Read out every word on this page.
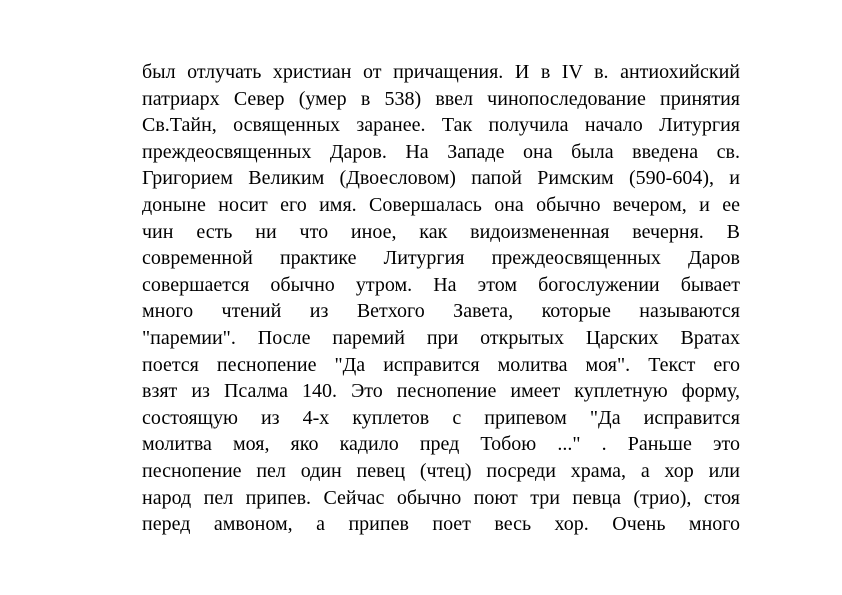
был отлучать христиан от причащения. И в IV в. антиохийский
патриарх Север (умер в 538) ввел чинопоследование принятия
Св.Тайн, освященных заранее. Так получила начало Литургия
преждеосвященных Даров. На Западе она была введена св.
Григорием Великим (Двоесловом) папой Римским (590-604), и
доныне носит его имя. Совершалась она обычно вечером, и ее
чин есть ни что иное, как видоизмененная вечерня. В
современной практике Литургия преждеосвященных Даров
совершается обычно утром. На этом богослужении бывает
много чтений из Ветхого Завета, которые называются
"паремии". После паремий при открытых Царских Вратах
поется песнопение "Да исправится молитва моя". Текст его
взят из Псалма 140. Это песнопение имеет куплетную форму,
состоящую из 4-х куплетов с припевом "Да исправится
молитва моя, яко кадило пред Тобою ..." . Раньше это
песнопение пел один певец (чтец) посреди храма, а хор или
народ пел припев. Сейчас обычно поют три певца (трио), стоя
перед амвоном, а припев поет весь хор. Очень много
